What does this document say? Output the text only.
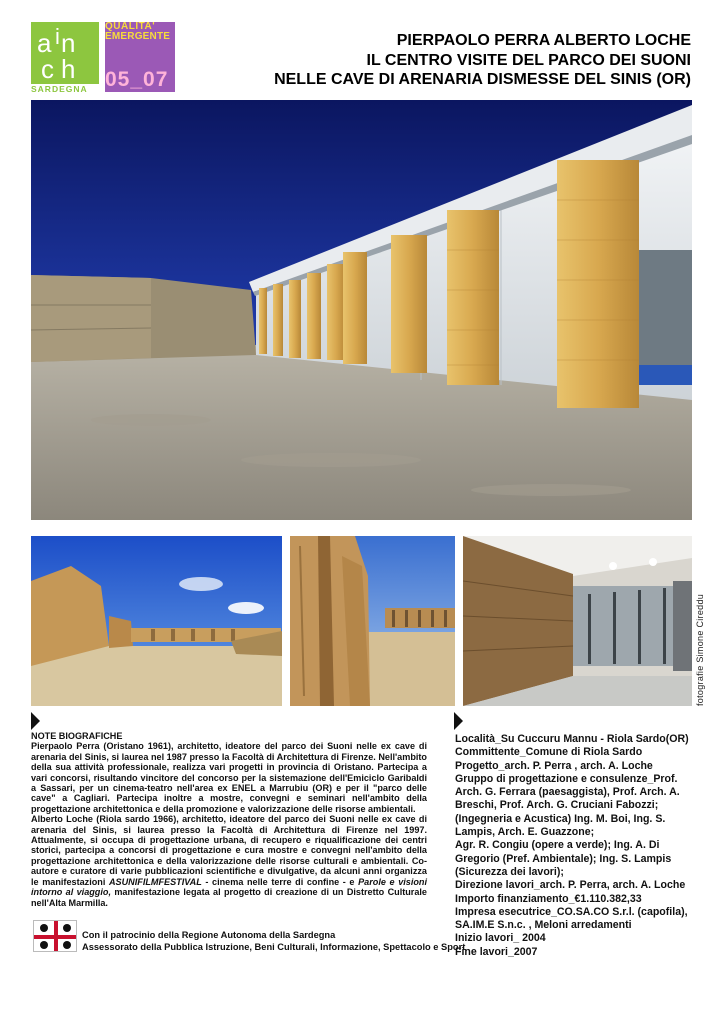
a i n
c h
SARDEGNA
QUALITA'
EMERGENTE
05_07
PIERPAOLO PERRA ALBERTO LOCHE
IL CENTRO VISITE DEL PARCO DEI SUONI
NELLE CAVE DI ARENARIA DISMESSE DEL SINIS (OR)
fotografie Simone Cireddu
NOTE BIOGRAFICHE
Pierpaolo Perra (Oristano 1961), architetto, ideatore del parco dei Suoni nelle ex cave di arenaria del Sinis, si laurea nel 1987 presso la Facoltà di Architettura di Firenze. Nell'ambito della sua attività professionale, realizza vari progetti in provincia di Oristano. Partecipa a vari concorsi, risultando vincitore del concorso per la sistemazione dell'Emiciclo Garibaldi a Sassari, per un cinema-teatro nell'area ex ENEL a Marrubiu (OR) e per il "parco delle cave" a Cagliari. Partecipa inoltre a mostre, convegni e seminari nell'ambito della progettazione architettonica e della promozione e valorizzazione delle risorse ambientali.
Alberto Loche (Riola sardo 1966), architetto, ideatore del parco dei Suoni nelle ex cave di arenaria del Sinis, si laurea presso la Facoltà di Architettura di Firenze nel 1997. Attualmente, si occupa di progettazione urbana, di recupero e riqualificazione dei centri storici, partecipa a concorsi di progettazione e cura mostre e convegni nell'ambito della progettazione architettonica e della valorizzazione delle risorse culturali e ambientali. Co-autore e curatore di varie pubblicazioni scientifiche e divulgative, da alcuni anni organizza le manifestazioni ASUNIFILMFESTIVAL - cinema nelle terre di confine - e Parole e visioni intorno al viaggio, manifestazione legata al progetto di creazione di un Distretto Culturale nell'Alta Marmilla.
Località_Su Cuccuru Mannu - Riola Sardo(OR)
Committente_Comune di Riola Sardo
Progetto_arch. P. Perra , arch. A. Loche
Gruppo di progettazione e consulenze_Prof. Arch. G. Ferrara (paesaggista), Prof. Arch. A. Breschi, Prof. Arch. G. Cruciani Fabozzi; (Ingegneria e Acustica) Ing. M. Boi, Ing. S. Lampis, Arch. E. Guazzone;
Agr. R. Congiu (opere a verde); Ing. A. Di Gregorio (Pref. Ambientale); Ing. S. Lampis (Sicurezza dei lavori);
Direzione lavori_arch. P. Perra, arch. A. Loche
Importo finanziamento_€1.110.382,33
Impresa esecutrice_CO.SA.CO S.r.l. (capofila), SA.IM.E S.n.c. , Meloni arredamenti
Inizio lavori_ 2004
Fine lavori_2007
Con il patrocinio della Regione Autonoma della Sardegna
Assessorato della Pubblica Istruzione, Beni Culturali, Informazione, Spettacolo e Sport
